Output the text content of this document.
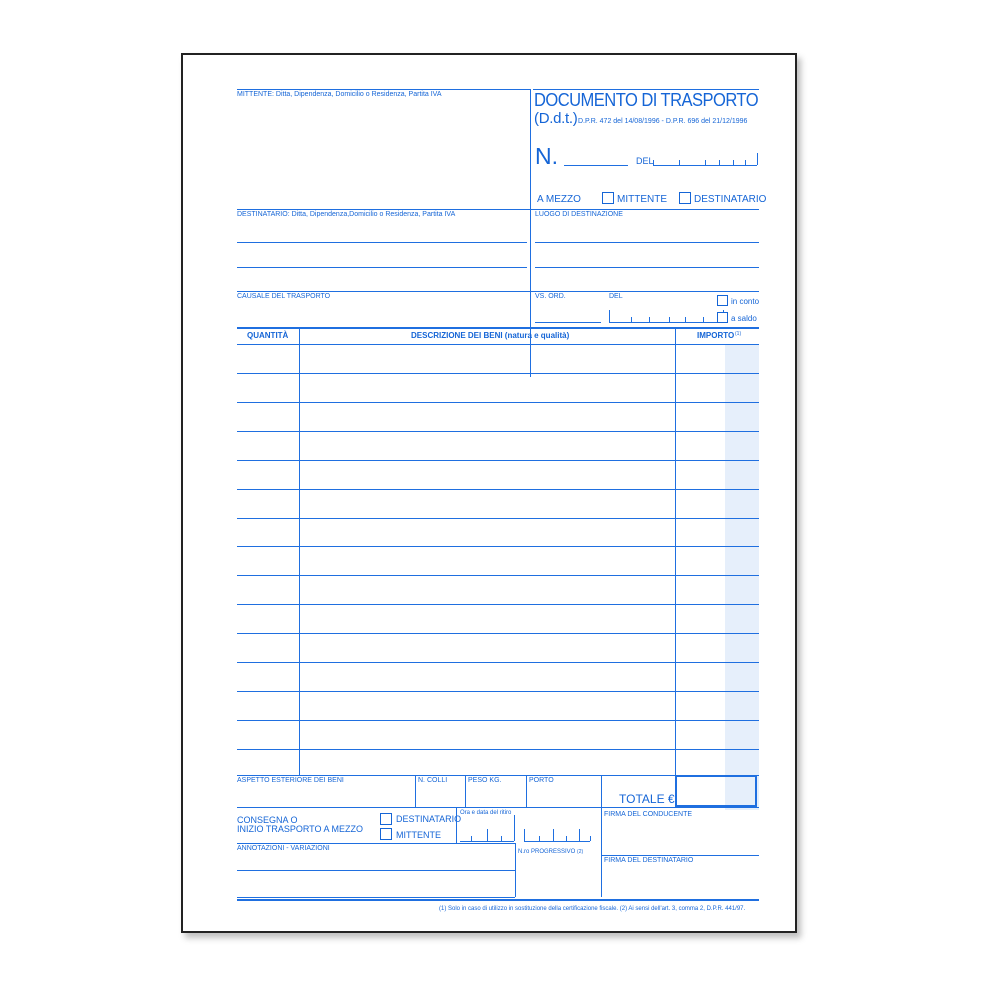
MITTENTE: Ditta, Dipendenza, Domicilio o Residenza, Partita IVA	DOCUMENTO DI TRASPORTO
(D.d.t.) D.P.R. 472 del 14/08/1996 - D.P.R. 696 del 21/12/1996
N.	DEL
A MEZZO	MITTENTE	DESTINATARIO
DESTINATARIO: Ditta, Dipendenza,Domicilio o Residenza, Partita IVA	LUOGO DI DESTINAZIONE
CAUSALE DEL TRASPORTO	VS. ORD.	DEL
in conto
a saldo
QUANTITÀ	DESCRIZIONE DEI BENI (natura e qualità)	IMPORTO (1)
ASPETTO ESTERIORE DEI BENI	N. COLLI	PESO KG.	PORTO
TOTALE €
CONSEGNA O
INIZIO TRASPORTO A MEZZO
DESTINATARIO
MITTENTE
Ora e data del ritiro	FIRMA DEL CONDUCENTE
ANNOTAZIONI - VARIAZIONI	N.ro PROGRESSIVO (2)
FIRMA DEL DESTINATARIO
(1) Solo in caso di utilizzo in sostituzione della certificazione fiscale. (2) Ai sensi dell'art. 3, comma 2, D.P.R. 441/97.
